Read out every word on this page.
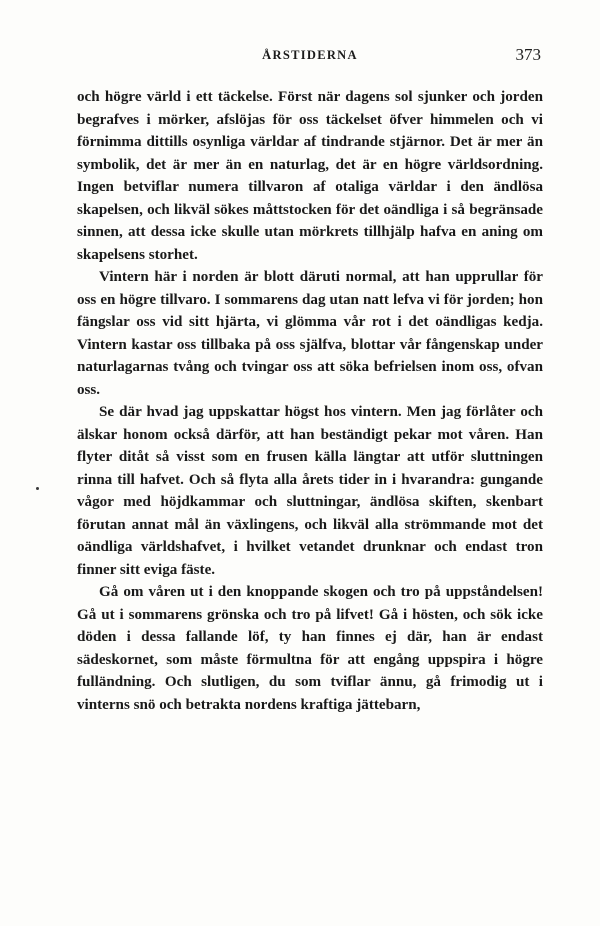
ÅRSTIDERNA	373

och högre värld i ett täckelse. Först när dagens sol sjunker och jorden begrafves i mörker, afslöjas för oss täckelset öfver himmelen och vi förnimma dittills osynliga världar af tindrande stjärnor. Det är mer än symbolik, det är mer än en naturlag, det är en högre världsordning. Ingen betviflar numera tillvaron af otaliga världar i den ändlösa skapelsen, och likväl sökes måttstocken för det oändliga i så begränsade sinnen, att dessa icke skulle utan mörkrets tillhjälp hafva en aning om skapelsens storhet.

Vintern här i norden är blott däruti normal, att han upprullar för oss en högre tillvaro. I sommarens dag utan natt lefva vi för jorden; hon fängslar oss vid sitt hjärta, vi glömma vår rot i det oändligas kedja. Vintern kastar oss tillbaka på oss själfva, blottar vår fångenskap under naturlagarnas tvång och tvingar oss att söka befrielsen inom oss, ofvan oss.

Se där hvad jag uppskattar högst hos vintern. Men jag förlåter och älskar honom också därför, att han beständigt pekar mot våren. Han flyter ditåt så visst som en frusen källa längtar att utför sluttningen rinna till hafvet. Och så flyta alla årets tider in i hvarandra: gungande vågor med höjdkammar och sluttningar, ändlösa skiften, skenbart förutan annat mål än växlingens, och likväl alla strömmande mot det oändliga världshafvet, i hvilket vetandet drunknar och endast tron finner sitt eviga fäste.

Gå om våren ut i den knoppande skogen och tro på uppståndelsen! Gå ut i sommarens grönska och tro på lifvet! Gå i hösten, och sök icke döden i dessa fallande löf, ty han finnes ej där, han är endast sädeskornet, som måste förmultna för att engång uppspira i högre fulländning. Och slutligen, du som tviflar ännu, gå frimodig ut i vinterns snö och betrakta nordens kraftiga jättebarn,
